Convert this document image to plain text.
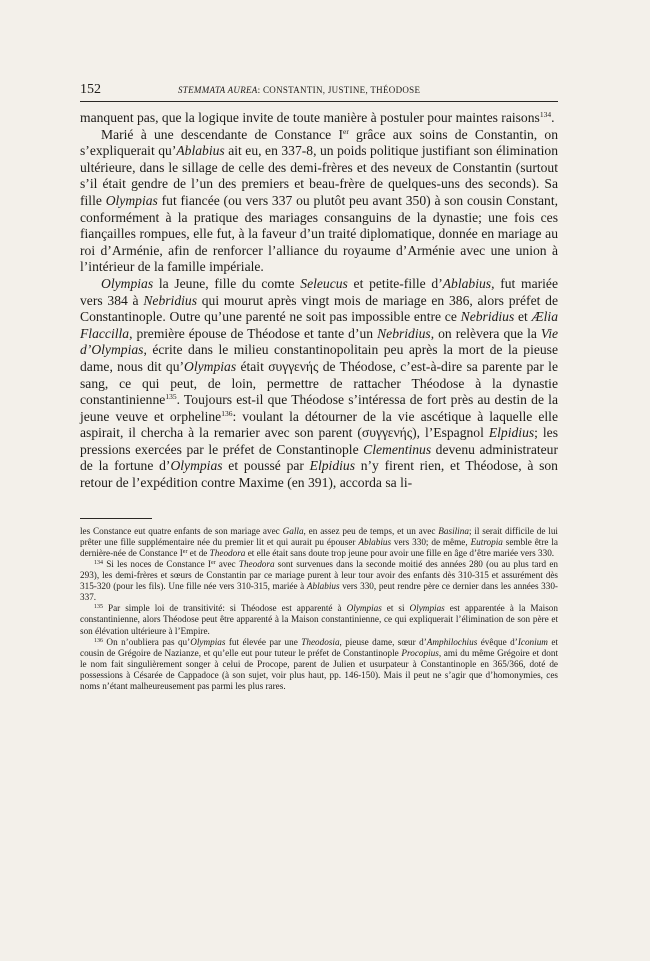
152	STEMMATA AUREA: CONSTANTIN, JUSTINE, THÉODOSE

manquent pas, que la logique invite de toute manière à postuler pour maintes raisons$^{134}$.

Marié à une descendante de Constance Ier grâce aux soins de Constantin, on s’expliquerait qu’Ablabius ait eu, en 337-8, un poids politique justifiant son élimination ultérieure, dans le sillage de celle des demi-frères et des neveux de Constantin (surtout s’il était gendre de l’un des premiers et beau-frère de quelques-uns des seconds). Sa fille Olympias fut fiancée (ou vers 337 ou plutôt peu avant 350) à son cousin Constant, conformément à la pratique des mariages consanguins de la dynastie; une fois ces fiançailles rompues, elle fut, à la faveur d’un traité diplomatique, donnée en mariage au roi d’Arménie, afin de renforcer l’alliance du royaume d’Arménie avec une union à l’intérieur de la famille impériale.

Olympias la Jeune, fille du comte Seleucus et petite-fille d’Ablabius, fut mariée vers 384 à Nebridius qui mourut après vingt mois de mariage en 386, alors préfet de Constantinople. Outre qu’une parenté ne soit pas impossible entre ce Nebridius et Ælia Flaccilla, première épouse de Théodose et tante d’un Nebridius, on relèvera que la Vie d’Olympias, écrite dans le milieu constantinopolitain peu après la mort de la pieuse dame, nous dit qu’Olympias était συγγενής de Théodose, c’est-à-dire sa parente par le sang, ce qui peut, de loin, permettre de rattacher Théodose à la dynastie constantinienne$^{135}$. Toujours est-il que Théodose s’intéressa de fort près au destin de la jeune veuve et orpheline$^{136}$: voulant la détourner de la vie ascétique à laquelle elle aspirait, il chercha à la remarier avec son parent (συγγενής), l’Espagnol Elpidius; les pressions exercées par le préfet de Constantinople Clementinus devenu administrateur de la fortune d’Olympias et poussé par Elpidius n’y firent rien, et Théodose, à son retour de l’expédition contre Maxime (en 391), accorda sa li-

les Constance eut quatre enfants de son mariage avec Galla, en assez peu de temps, et un avec Basilina; il serait difficile de lui prêter une fille supplémentaire née du premier lit et qui aurait pu épouser Ablabius vers 330; de même, Eutropia semble être la dernière-née de Constance Ier et de Theodora et elle était sans doute trop jeune pour avoir une fille en âge d’être mariée vers 330.

$^{134}$ Si les noces de Constance Ier avec Theodora sont survenues dans la seconde moitié des années 280 (ou au plus tard en 293), les demi-frères et sœurs de Constantin par ce mariage purent à leur tour avoir des enfants dès 310-315 et assurément dès 315-320 (pour les fils). Une fille née vers 310-315, mariée à Ablabius vers 330, peut rendre père ce dernier dans les années 330-337.

$^{135}$ Par simple loi de transitivité: si Théodose est apparenté à Olympias et si Olympias est apparentée à la Maison constantinienne, alors Théodose peut être apparenté à la Maison constantinienne, ce qui expliquerait l’élimination de son père et son élévation ultérieure à l’Empire.

$^{136}$ On n’oubliera pas qu’Olympias fut élevée par une Theodosia, pieuse dame, sœur d’Amphilochius évêque d’Iconium et cousin de Grégoire de Nazianze, et qu’elle eut pour tuteur le préfet de Constantinople Procopius, ami du même Grégoire et dont le nom fait singulièrement songer à celui de Procope, parent de Julien et usurpateur à Constantinople en 365/366, doté de possessions à Césarée de Cappadoce (à son sujet, voir plus haut, pp. 146-150). Mais il peut ne s’agir que d’homonymies, ces noms n’étant malheureusement pas parmi les plus rares.
